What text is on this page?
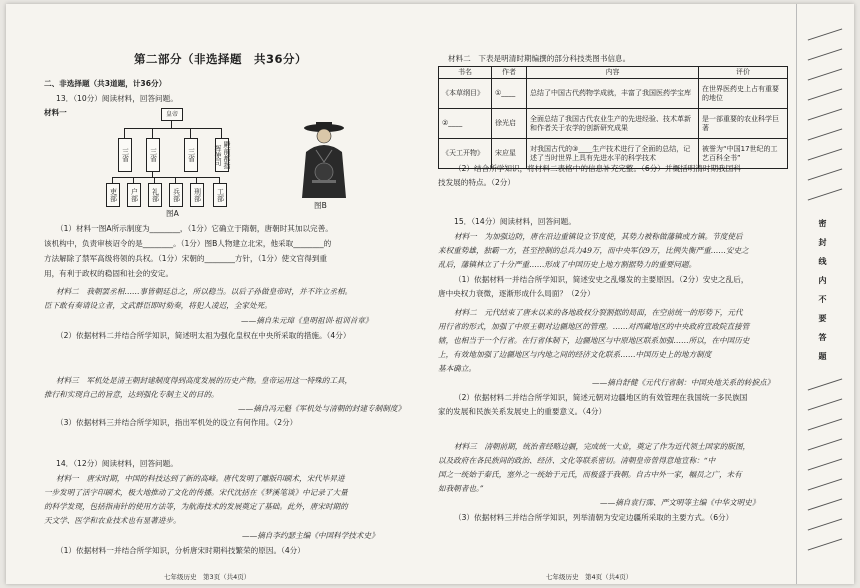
第二部分（非选择题　共36分）
二、非选择题（共3道题，计36分）
13．（10分）阅读材料，回答问题。
材料一	皇帝
三省	三省	三省	殿前都指挥使司
吏部	户部	礼部	兵部	刑部	工部
图A
图B
（1）材料一图A所示制度为________，（1分）它确立于隋朝，唐朝时其加以完善。
该机构中，负责审核诏令的是________。（1分）图B人物建立北宋，他采取________的
方法解除了禁军高级将领的兵权。（1分）宋朝的________方针，（1分）使文官得到重
用，有利于政权的稳固和社会的安定。
材料二　我朝罢丞相……事皆朝廷总之，所以稳当。以后子孙做皇帝时，并不许立丞相。
臣下敢有奏请设立者，文武群臣即时劾奏，将犯人凌迟，全家处死。
——摘自朱元璋《皇明祖训·祖训首章》
（2）依据材料二并结合所学知识，简述明太祖为强化皇权在中央所采取的措施。（4分）
材料三　军机处是清王朝封建制度得到高度发展的历史产物。皇帝运用这一特殊的工具，
推行和实现自己的旨意，达到强化专制主义的目的。
——摘自冯元魁《军机处与清朝的封建专制制度》
（3）依据材料三并结合所学知识，指出军机处的设立有何作用。（2分）
14．（12分）阅读材料，回答问题。
材料一　唐宋时期，中国的科技达到了新的高峰。唐代发明了雕版印刷术，宋代毕昇进
一步发明了活字印刷术，极大地推动了文化的传播。宋代沈括在《梦溪笔谈》中记录了大量
的科学发现，包括指南针的使用方法等，为航海技术的发展奠定了基础。此外，唐宋时期的
天文学、医学和农业技术也有显著进步。
——摘自李约瑟主编《中国科学技术史》
（1）依据材料一并结合所学知识，分析唐宋时期科技繁荣的原因。（4分）
七年级历史　第3页（共4页）
材料二　下表是明清时期编撰的部分科技类图书信息。
书名	作者	内容	评价
《本草纲目》	①____	总结了中国古代药物学成就，丰富了我国医药学宝库	在世界医药史上占有重要的地位
②____	徐光启	全面总结了我国古代农业生产的先进经验、技术革新和作者关于农学的创新研究成果	是一部重要的农业科学巨著
《天工开物》	宋应星	对我国古代的③____生产技术进行了全面的总结，记述了当时世界上具有先进水平的科学技术	被誉为“中国17世纪的工艺百科全书”
（2）结合所学知识，将材料二表格中的信息补充完整。（6分）并概括明清时期我国科
技发展的特点。（2分）
15．（14分）阅读材料，回答问题。
材料一　为加强边防，唐在沿边重镇设立节度使，其势力被称做藩镇或方镇。节度使后
来权重势雄，独霸一方，甚至控制的总兵力49万，而中央军仅9万，比例失衡严重……安史之
乱后，藩镇林立了十分严重……形成了中国历史上地方割据势力的重要问题。
（1）依据材料一并结合所学知识，简述安史之乱爆发的主要原因。（2分）安史之乱后，
唐中央权力衰微，逐渐形成什么局面？（2分）
材料二　元代结束了唐末以来的各地政权分裂割据的局面，在空前统一的形势下，元代
用行省的形式，加强了中原王朝对边疆地区的管理。……对西藏地区的中央政府宣政院直接管
辖，也相当于一个行省。在行省体制下，边疆地区与中原地区联系加强……所以，在中国历史
上，有效地加强了边疆地区与内地之间的经济文化联系……中国历史上的地方制度
基本确立。
——摘自舒健《元代行省制：中国央地关系的转捩点》
（2）依据材料二并结合所学知识，简述元朝对边疆地区的有效管理在我国统一多民族国
家的发展和民族关系发展史上的重要意义。（4分）
材料三　清朝前期，统治者经略边疆，完成统一大业，奠定了作为近代领土国家的版图，
以及政府在各民族间的政治、经济、文化等联系密切。清朝皇帝曾得意地宣称：“中
国之一统始于秦氏，塞外之一统始于元氏，而极盛于我朝。自古中外一家，幅员之广，未有
如我朝者也。”
——摘自袁行霈、严文明等主编《中华文明史》
（3）依据材料三并结合所学知识，列举清朝为安定边疆所采取的主要方式。（6分）
七年级历史　第4页（共4页）
密封线内不要答题
